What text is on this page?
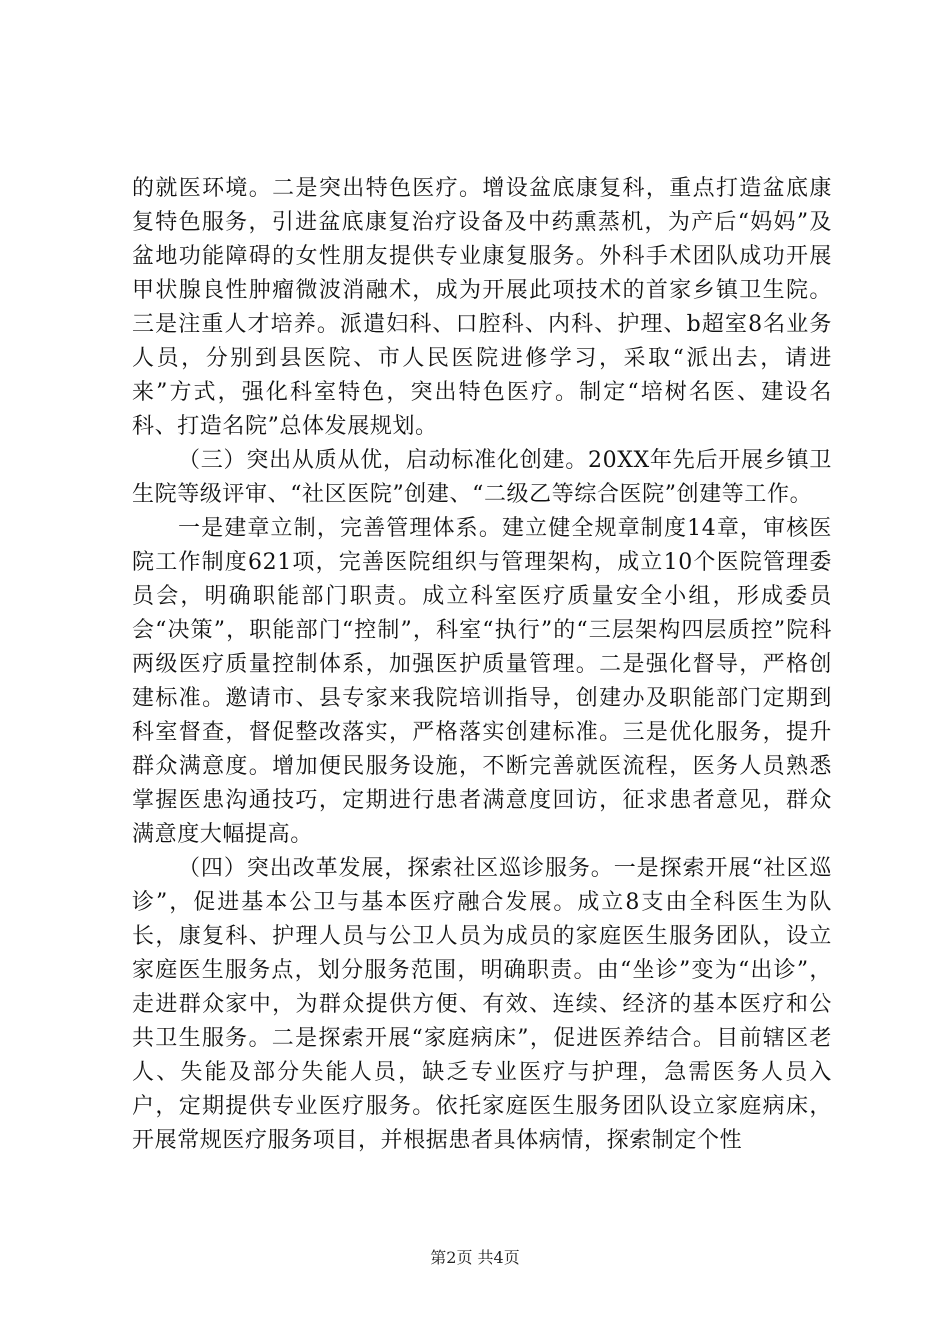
的就医环境。二是突出特色医疗。增设盆底康复科，重点打造盆底康复特色服务，引进盆底康复治疗设备及中药熏蒸机，为产后“妈妈”及盆地功能障碍的女性朋友提供专业康复服务。外科手术团队成功开展甲状腺良性肿瘤微波消融术，成为开展此项技术的首家乡镇卫生院。三是注重人才培养。派遣妇科、口腔科、内科、护理、b超室8名业务人员，分别到县医院、市人民医院进修学习，采取“派出去，请进来”方式，强化科室特色，突出特色医疗。制定“培树名医、建设名科、打造名院”总体发展规划。

（三）突出从质从优，启动标准化创建。20XX年先后开展乡镇卫生院等级评审、“社区医院”创建、“二级乙等综合医院”创建等工作。

一是建章立制，完善管理体系。建立健全规章制度14章，审核医院工作制度621项，完善医院组织与管理架构，成立10个医院管理委员会，明确职能部门职责。成立科室医疗质量安全小组，形成委员会“决策”，职能部门“控制”，科室“执行”的“三层架构四层质控”院科两级医疗质量控制体系，加强医护质量管理。二是强化督导，严格创建标准。邀请市、县专家来我院培训指导，创建办及职能部门定期到科室督查，督促整改落实，严格落实创建标准。三是优化服务，提升群众满意度。增加便民服务设施，不断完善就医流程，医务人员熟悉掌握医患沟通技巧，定期进行患者满意度回访，征求患者意见，群众满意度大幅提高。

（四）突出改革发展，探索社区巡诊服务。一是探索开展“社区巡诊”，促进基本公卫与基本医疗融合发展。成立8支由全科医生为队长，康复科、护理人员与公卫人员为成员的家庭医生服务团队，设立家庭医生服务点，划分服务范围，明确职责。由“坐诊”变为“出诊”，走进群众家中，为群众提供方便、有效、连续、经济的基本医疗和公共卫生服务。二是探索开展“家庭病床”，促进医养结合。目前辖区老人、失能及部分失能人员，缺乏专业医疗与护理，急需医务人员入户，定期提供专业医疗服务。依托家庭医生服务团队设立家庭病床，开展常规医疗服务项目，并根据患者具体病情，探索制定个性

第2页 共4页
